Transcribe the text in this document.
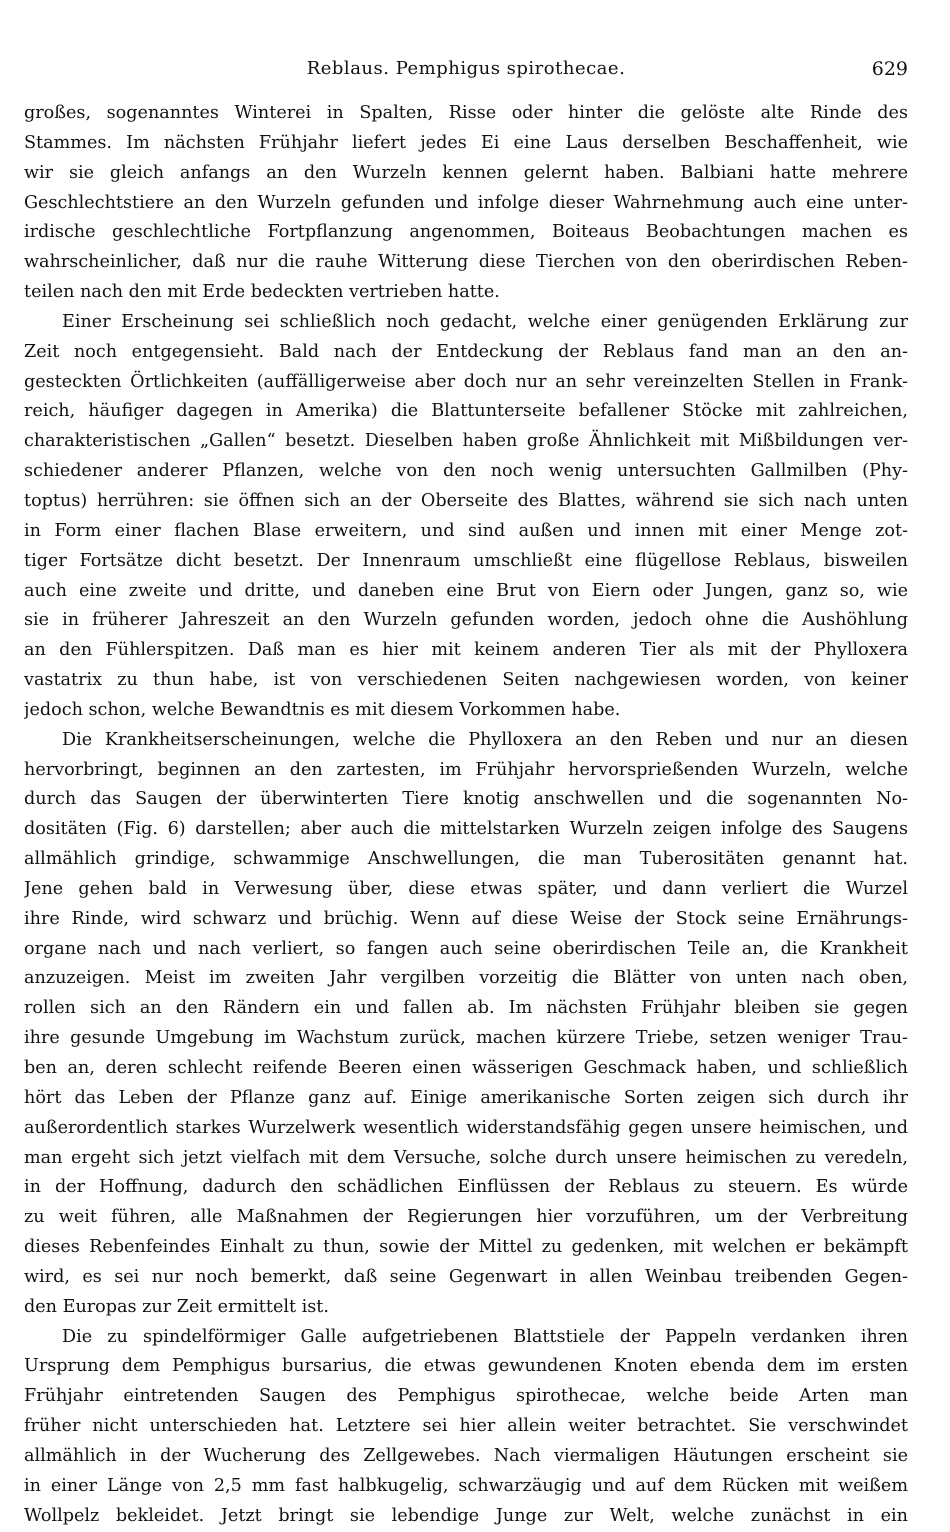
Reblaus. Pemphigus spirothecae.	629
großes, sogenanntes Winterei in Spalten, Risse oder hinter die gelöste alte Rinde des
Stammes. Im nächsten Frühjahr liefert jedes Ei eine Laus derselben Beschaffenheit, wie
wir sie gleich anfangs an den Wurzeln kennen gelernt haben. Balbiani hatte mehrere
Geschlechtstiere an den Wurzeln gefunden und infolge dieser Wahrnehmung auch eine unter-
irdische geschlechtliche Fortpflanzung angenommen, Boiteaus Beobachtungen machen es
wahrscheinlicher, daß nur die rauhe Witterung diese Tierchen von den oberirdischen Reben-
teilen nach den mit Erde bedeckten vertrieben hatte.
Einer Erscheinung sei schließlich noch gedacht, welche einer genügenden Erklärung zur
Zeit noch entgegensieht. Bald nach der Entdeckung der Reblaus fand man an den an-
gesteckten Örtlichkeiten (auffälligerweise aber doch nur an sehr vereinzelten Stellen in Frank-
reich, häufiger dagegen in Amerika) die Blattunterseite befallener Stöcke mit zahlreichen,
charakteristischen „Gallen“ besetzt. Dieselben haben große Ähnlichkeit mit Mißbildungen ver-
schiedener anderer Pflanzen, welche von den noch wenig untersuchten Gallmilben (Phy-
toptus) herrühren: sie öffnen sich an der Oberseite des Blattes, während sie sich nach unten
in Form einer flachen Blase erweitern, und sind außen und innen mit einer Menge zot-
tiger Fortsätze dicht besetzt. Der Innenraum umschließt eine flügellose Reblaus, bisweilen
auch eine zweite und dritte, und daneben eine Brut von Eiern oder Jungen, ganz so, wie
sie in früherer Jahreszeit an den Wurzeln gefunden worden, jedoch ohne die Aushöhlung
an den Fühlerspitzen. Daß man es hier mit keinem anderen Tier als mit der Phylloxera
vastatrix zu thun habe, ist von verschiedenen Seiten nachgewiesen worden, von keiner
jedoch schon, welche Bewandtnis es mit diesem Vorkommen habe.
Die Krankheitserscheinungen, welche die Phylloxera an den Reben und nur an diesen
hervorbringt, beginnen an den zartesten, im Frühjahr hervorsprießenden Wurzeln, welche
durch das Saugen der überwinterten Tiere knotig anschwellen und die sogenannten No-
dositäten (Fig. 6) darstellen; aber auch die mittelstarken Wurzeln zeigen infolge des Saugens
allmählich grindige, schwammige Anschwellungen, die man Tuberositäten genannt hat.
Jene gehen bald in Verwesung über, diese etwas später, und dann verliert die Wurzel
ihre Rinde, wird schwarz und brüchig. Wenn auf diese Weise der Stock seine Ernährungs-
organe nach und nach verliert, so fangen auch seine oberirdischen Teile an, die Krankheit
anzuzeigen. Meist im zweiten Jahr vergilben vorzeitig die Blätter von unten nach oben,
rollen sich an den Rändern ein und fallen ab. Im nächsten Frühjahr bleiben sie gegen
ihre gesunde Umgebung im Wachstum zurück, machen kürzere Triebe, setzen weniger Trau-
ben an, deren schlecht reifende Beeren einen wässerigen Geschmack haben, und schließlich
hört das Leben der Pflanze ganz auf. Einige amerikanische Sorten zeigen sich durch ihr
außerordentlich starkes Wurzelwerk wesentlich widerstandsfähig gegen unsere heimischen, und
man ergeht sich jetzt vielfach mit dem Versuche, solche durch unsere heimischen zu veredeln,
in der Hoffnung, dadurch den schädlichen Einflüssen der Reblaus zu steuern. Es würde
zu weit führen, alle Maßnahmen der Regierungen hier vorzuführen, um der Verbreitung
dieses Rebenfeindes Einhalt zu thun, sowie der Mittel zu gedenken, mit welchen er bekämpft
wird, es sei nur noch bemerkt, daß seine Gegenwart in allen Weinbau treibenden Gegen-
den Europas zur Zeit ermittelt ist.
Die zu spindelförmiger Galle aufgetriebenen Blattstiele der Pappeln verdanken ihren
Ursprung dem Pemphigus bursarius, die etwas gewundenen Knoten ebenda dem im ersten
Frühjahr eintretenden Saugen des Pemphigus spirothecae, welche beide Arten man
früher nicht unterschieden hat. Letztere sei hier allein weiter betrachtet. Sie verschwindet
allmählich in der Wucherung des Zellgewebes. Nach viermaligen Häutungen erscheint sie
in einer Länge von 2,5 mm fast halbkugelig, schwarzäugig und auf dem Rücken mit weißem
Wollpelz bekleidet. Jetzt bringt sie lebendige Junge zur Welt, welche zunächst in ein
